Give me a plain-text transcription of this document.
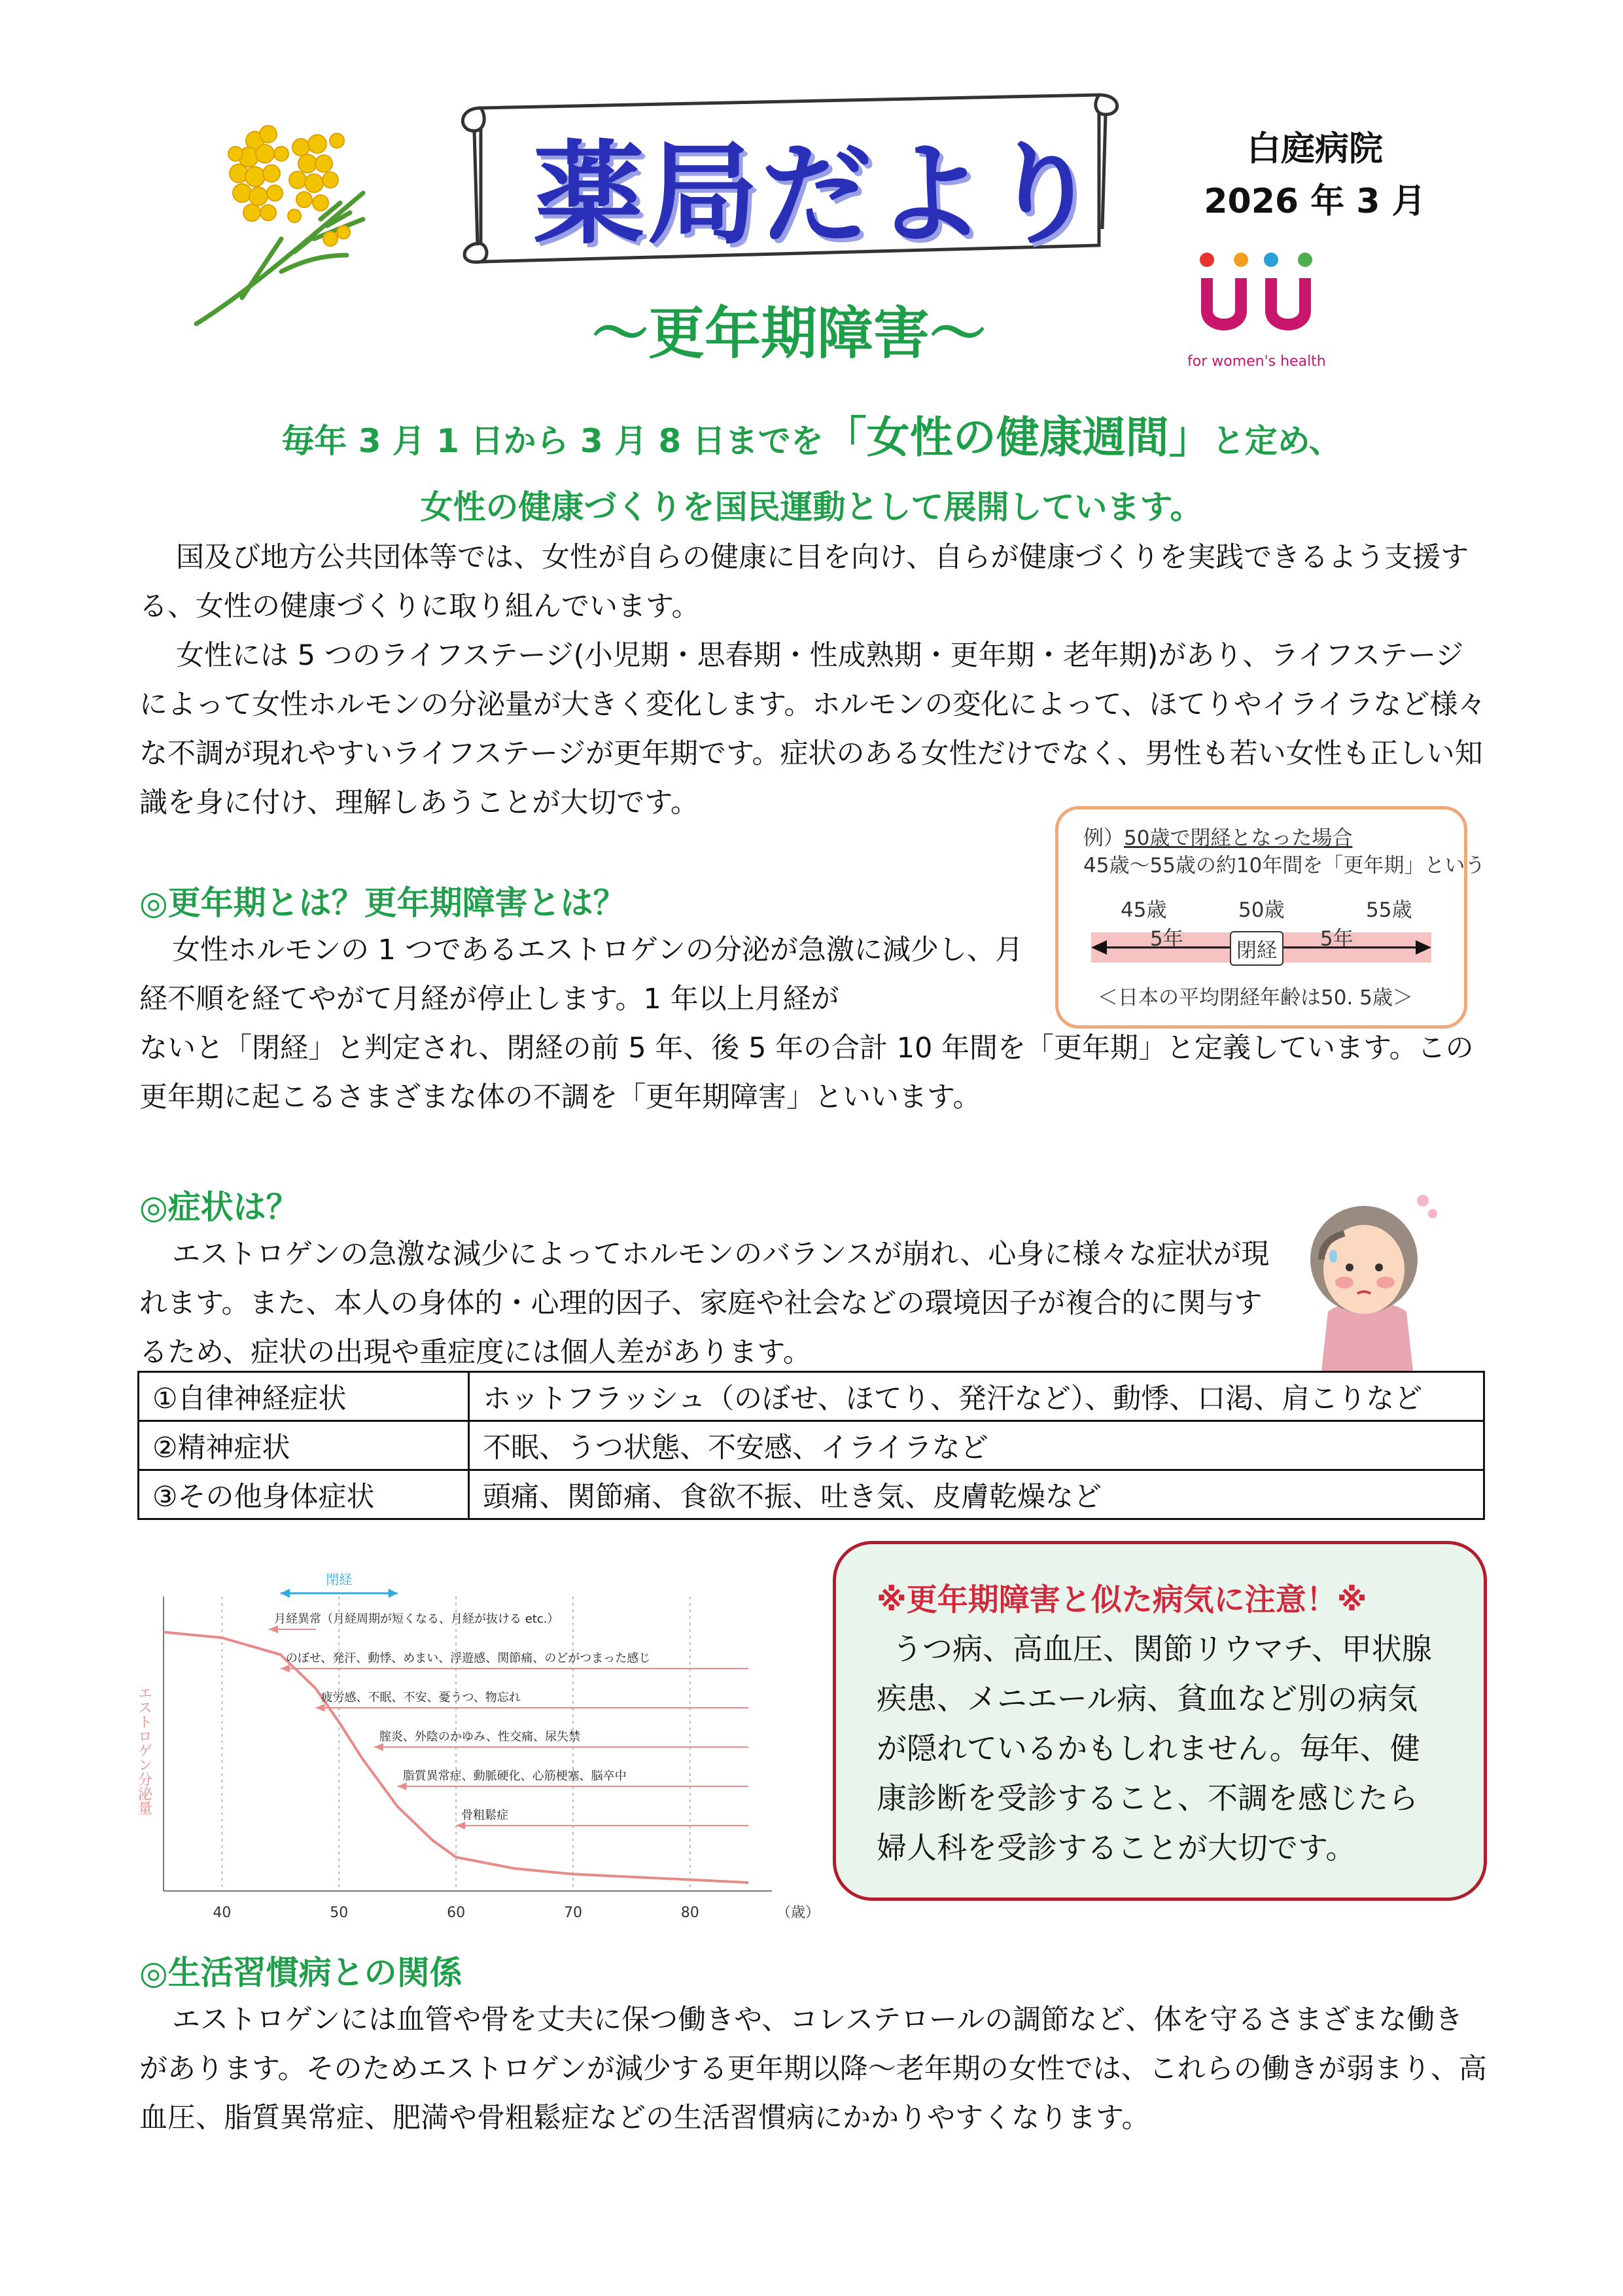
薬局だより
〜更年期障害〜
白庭病院
2026 年 3 月
for women's health
毎年 3 月 1 日から 3 月 8 日までを「女性の健康週間」と定め、
女性の健康づくりを国民運動として展開しています。
国及び地方公共団体等では、女性が自らの健康に目を向け、自らが健康づくりを実践できるよう支援する、女性の健康づくりに取り組んでいます。
女性には 5 つのライフステージ(小児期・思春期・性成熟期・更年期・老年期)があり、ライフステージによって女性ホルモンの分泌量が大きく変化します。ホルモンの変化によって、ほてりやイライラなど様々な不調が現れやすいライフステージが更年期です。症状のある女性だけでなく、男性も若い女性も正しい知識を身に付け、理解しあうことが大切です。
例）50歳で閉経となった場合
45歳〜55歳の約10年間を「更年期」という
45歳	50歳	55歳
5年	5年
閉経
＜日本の平均閉経年齢は50. 5歳＞
◎更年期とは？更年期障害とは？
女性ホルモンの 1 つであるエストロゲンの分泌が急激に減少し、月経不順を経てやがて月経が停止します。1 年以上月経が
ないと「閉経」と判定され、閉経の前 5 年、後 5 年の合計 10 年間を「更年期」と定義しています。この更年期に起こるさまざまな体の不調を「更年期障害」といいます。
◎症状は？
エストロゲンの急激な減少によってホルモンのバランスが崩れ、心身に様々な症状が現れます。また、本人の身体的・心理的因子、家庭や社会などの環境因子が複合的に関与するため、症状の出現や重症度には個人差があります。
①自律神経症状	ホットフラッシュ（のぼせ、ほてり、発汗など）、動悸、口渇、肩こりなど
②精神症状	不眠、うつ状態、不安感、イライラなど
③その他身体症状	頭痛、関節痛、食欲不振、吐き気、皮膚乾燥など
40	50	60	70	80	（歳）
エストロゲン分泌量
閉経
月経異常（月経周期が短くなる、月経が抜ける etc.）
のぼせ、発汗、動悸、めまい、浮遊感、関節痛、のどがつまった感じ
疲労感、不眠、不安、憂うつ、物忘れ
腟炎、外陰のかゆみ、性交痛、尿失禁
脂質異常症、動脈硬化、心筋梗塞、脳卒中
骨粗鬆症
※更年期障害と似た病気に注意！※
うつ病、高血圧、関節リウマチ、甲状腺疾患、メニエール病、貧血など別の病気が隠れているかもしれません。毎年、健康診断を受診すること、不調を感じたら婦人科を受診することが大切です。
◎生活習慣病との関係
エストロゲンには血管や骨を丈夫に保つ働きや、コレステロールの調節など、体を守るさまざまな働きがあります。そのためエストロゲンが減少する更年期以降〜老年期の女性では、これらの働きが弱まり、高血圧、脂質異常症、肥満や骨粗鬆症などの生活習慣病にかかりやすくなります。
